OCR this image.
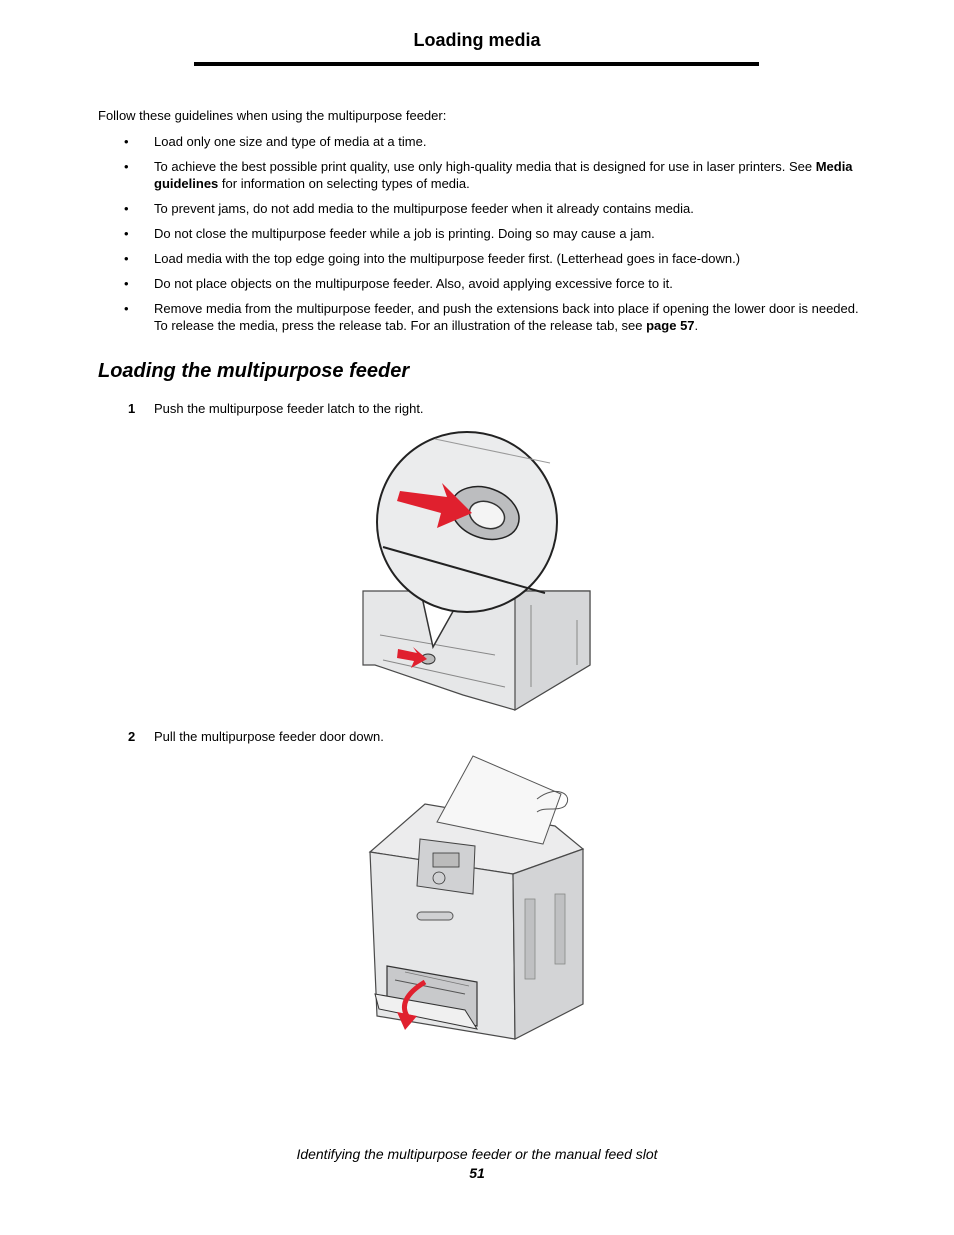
Loading media
Follow these guidelines when using the multipurpose feeder:
• Load only one size and type of media at a time.
• To achieve the best possible print quality, use only high-quality media that is designed for use in laser printers. See Media guidelines for information on selecting types of media.
• To prevent jams, do not add media to the multipurpose feeder when it already contains media.
• Do not close the multipurpose feeder while a job is printing. Doing so may cause a jam.
• Load media with the top edge going into the multipurpose feeder first. (Letterhead goes in face-down.)
• Do not place objects on the multipurpose feeder. Also, avoid applying excessive force to it.
• Remove media from the multipurpose feeder, and push the extensions back into place if opening the lower door is needed. To release the media, press the release tab. For an illustration of the release tab, see page 57.
Loading the multipurpose feeder
1 Push the multipurpose feeder latch to the right.
2 Pull the multipurpose feeder door down.
Identifying the multipurpose feeder or the manual feed slot
51
